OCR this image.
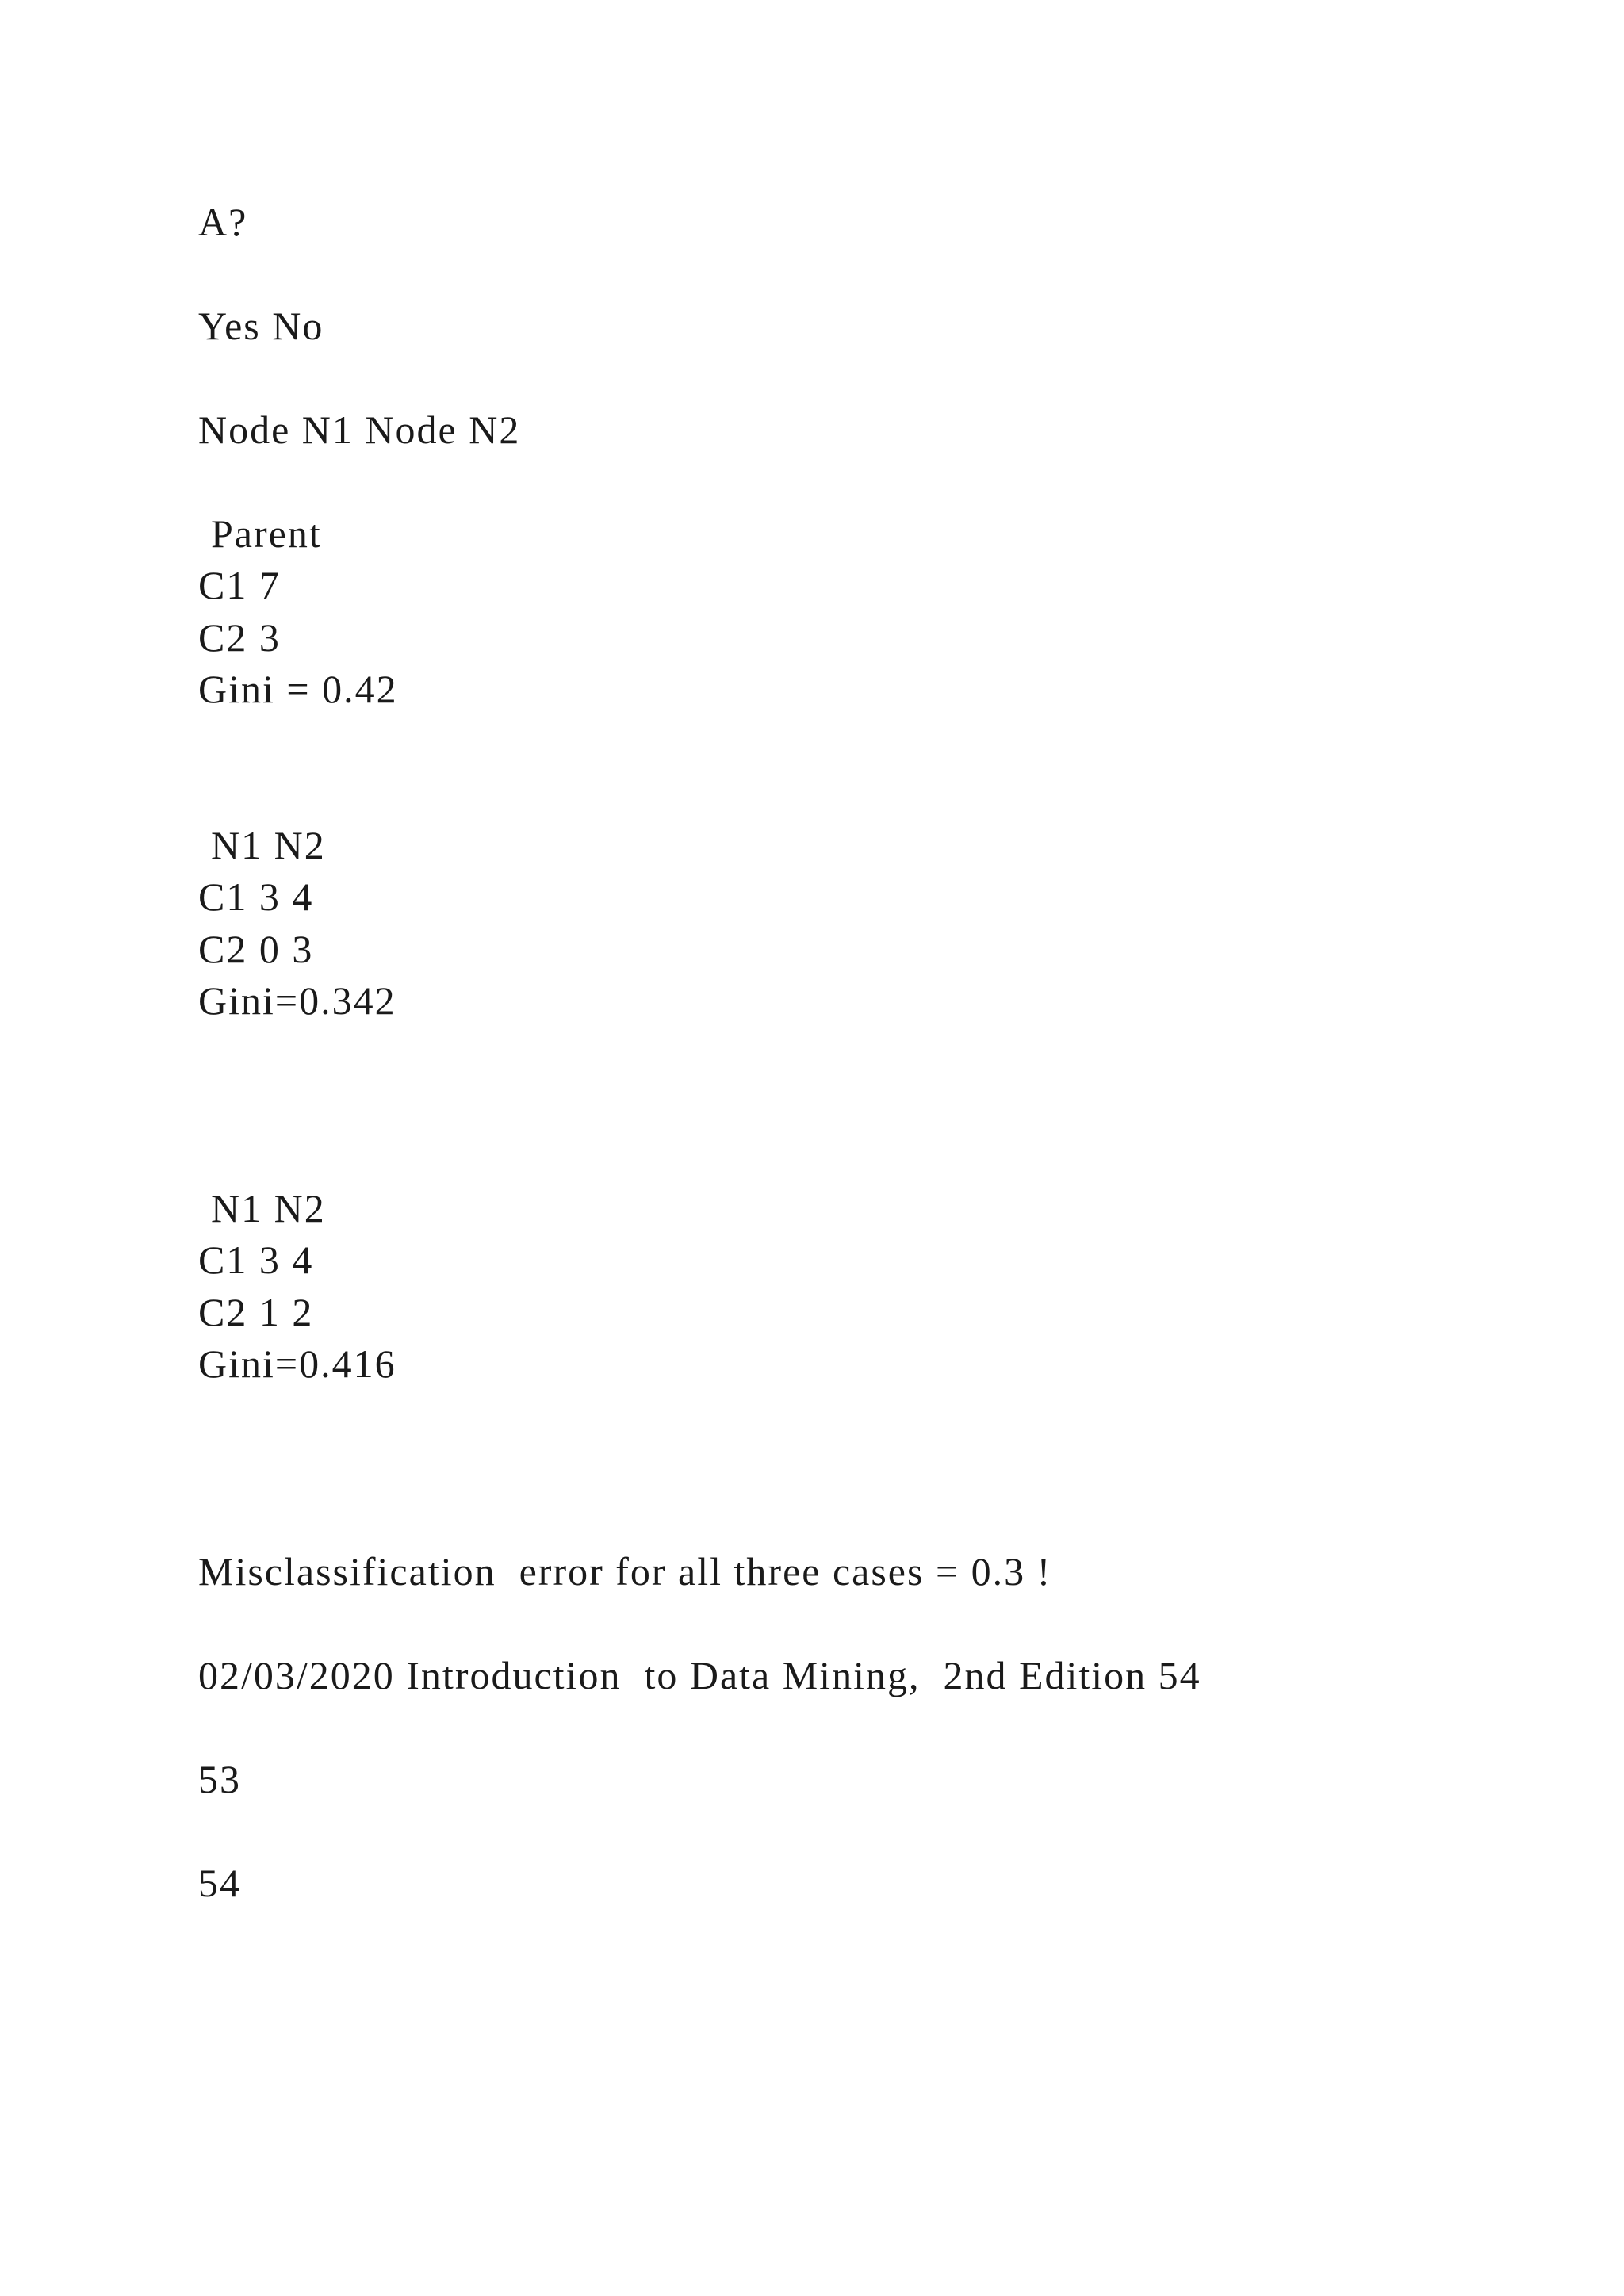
A?
Yes No
Node N1 Node N2
Parent
C1 7
C2 3
Gini = 0.42
N1 N2
C1 3 4
C2 0 3
Gini=0.342
N1 N2
C1 3 4
C2 1 2
Gini=0.416
Misclassification  error for all three cases = 0.3 !
02/03/2020 Introduction  to Data Mining,  2nd Edition 54
53
54
